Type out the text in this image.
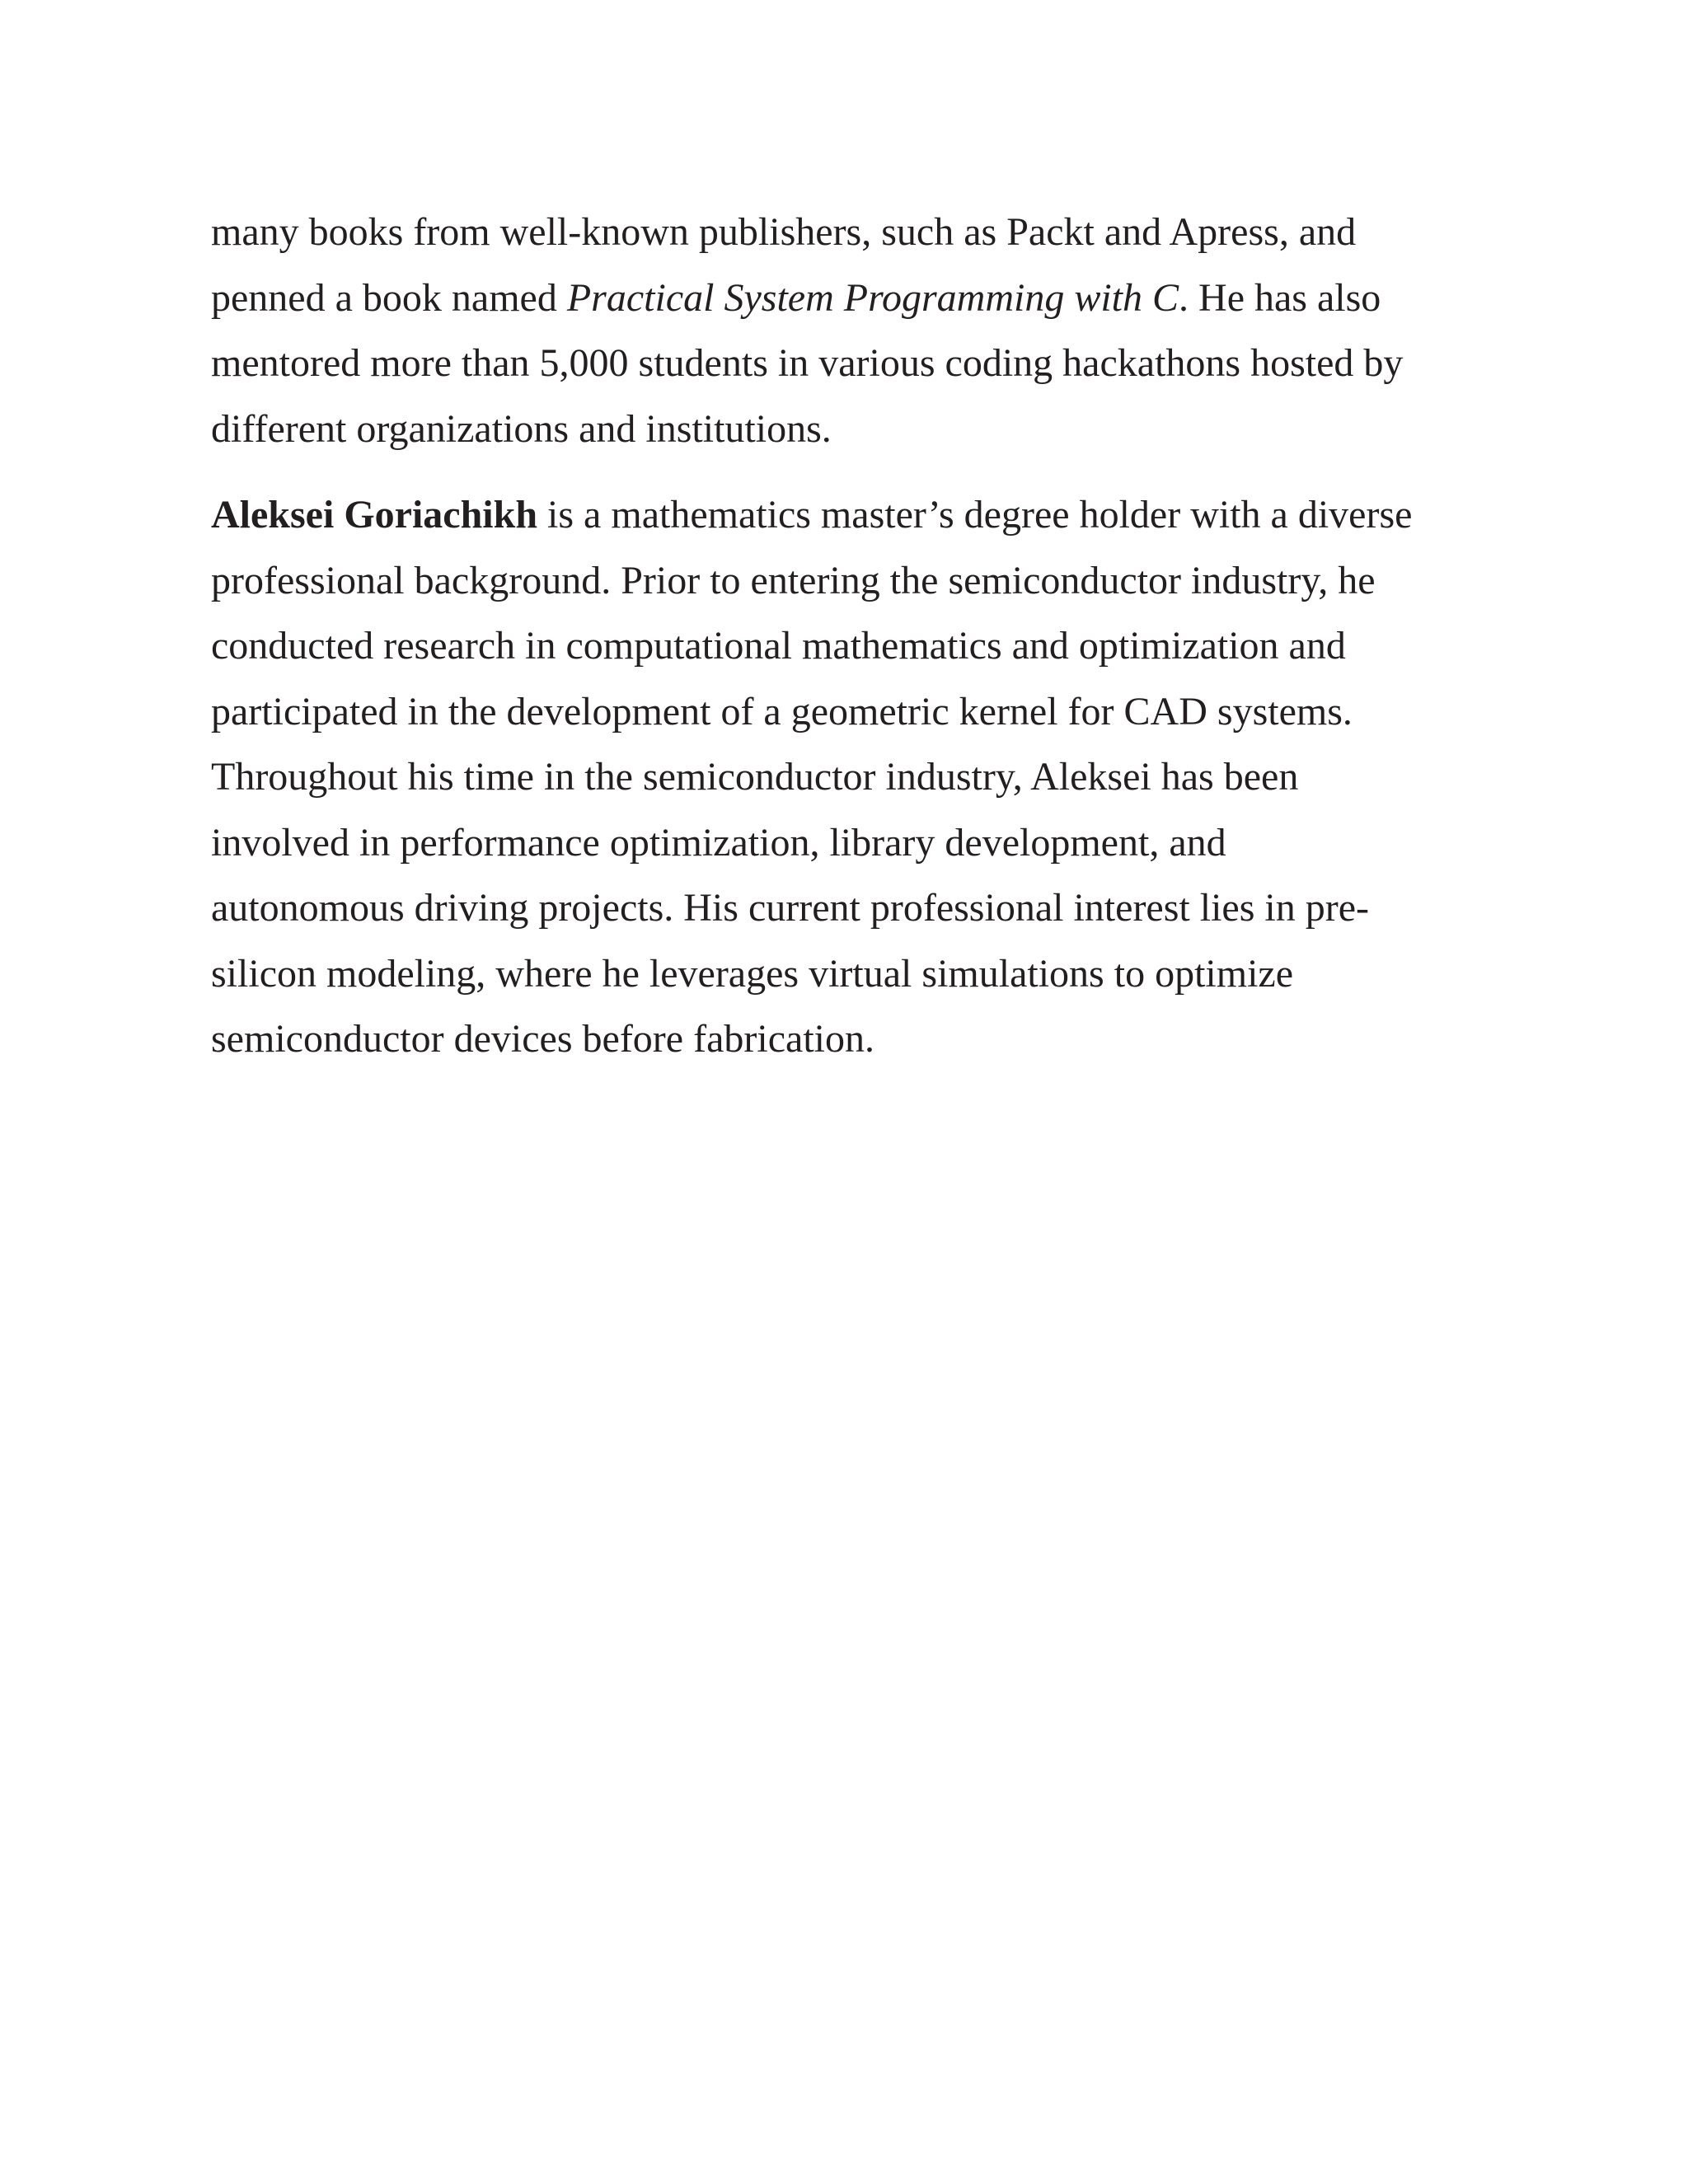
many books from well-known publishers, such as Packt and Apress, and
penned a book named Practical System Programming with C. He has also
mentored more than 5,000 students in various coding hackathons hosted by
different organizations and institutions.

Aleksei Goriachikh is a mathematics master’s degree holder with a diverse
professional background. Prior to entering the semiconductor industry, he
conducted research in computational mathematics and optimization and
participated in the development of a geometric kernel for CAD systems.
Throughout his time in the semiconductor industry, Aleksei has been
involved in performance optimization, library development, and
autonomous driving projects. His current professional interest lies in pre-
silicon modeling, where he leverages virtual simulations to optimize
semiconductor devices before fabrication.
